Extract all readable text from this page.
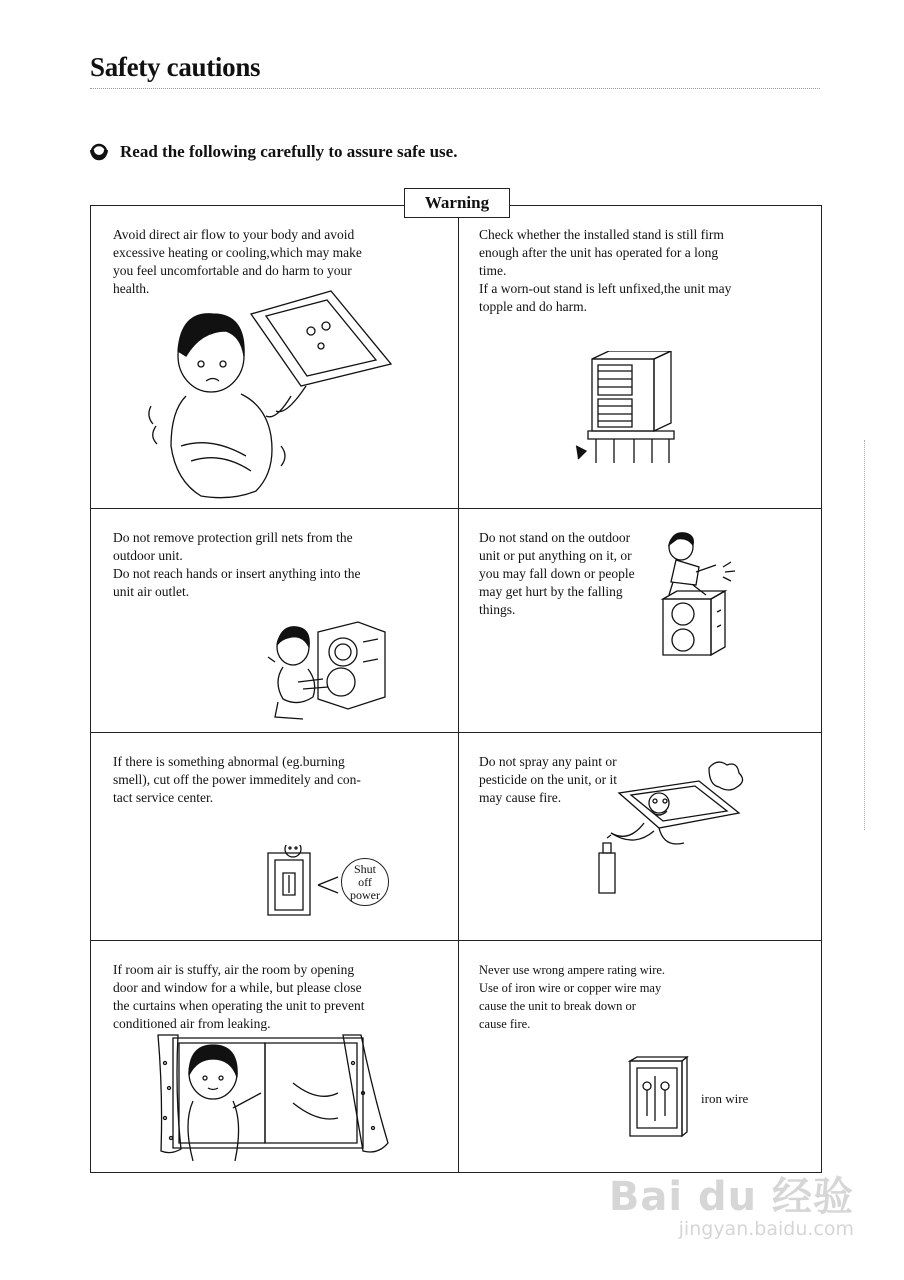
Safety cautions
Read the following carefully to assure safe use.
Warning

Avoid direct air flow to your body and avoid
excessive heating or cooling,which may make
you feel uncomfortable and do harm to your
health.

Check whether the installed stand is still firm
enough after the unit has operated for a long
time.
If a worn-out stand is left unfixed,the unit may
topple and do harm.

Do not remove protection grill nets from the
outdoor unit.
Do not reach hands or insert anything into the
unit air outlet.

Do not stand on the outdoor
unit or put anything on it, or
you may fall down or people
may get hurt by the falling
things.

If there is something abnormal (eg.burning
smell), cut off the power immeditely and con-
tact service center.

Shut
off
power

Do not spray any paint or
pesticide on the unit, or it
may cause fire.

If room air is stuffy, air the room by opening
door and window for a while, but please close
the curtains when operating the unit to prevent
conditioned air from leaking.

Never use wrong ampere rating wire.
Use of iron wire or copper wire may
cause the unit to break down or
cause fire.

iron wire
Bai du 经验
jingyan.baidu.com
